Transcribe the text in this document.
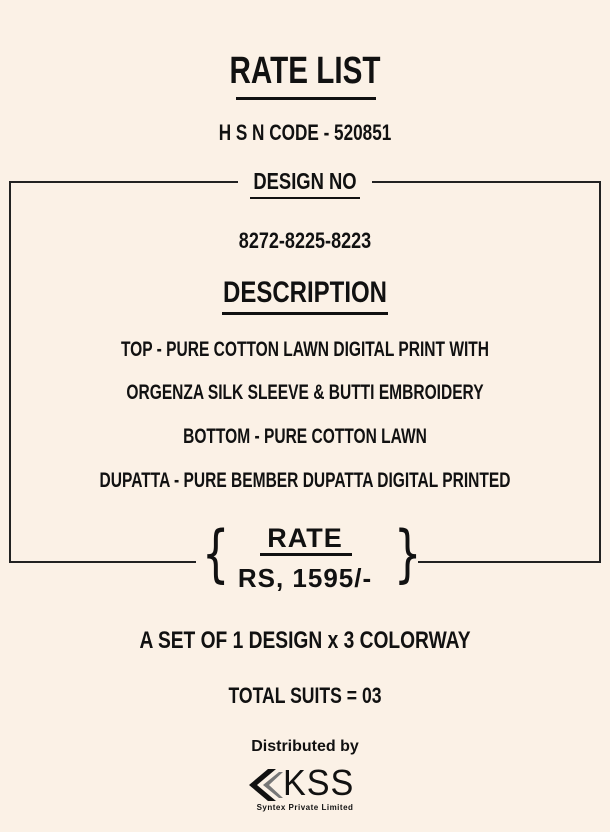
RATE LIST
H S N CODE - 520851
DESIGN NO
8272-8225-8223
DESCRIPTION
TOP - PURE COTTON LAWN DIGITAL PRINT WITH
ORGENZA SILK SLEEVE & BUTTI EMBROIDERY
BOTTOM - PURE COTTON LAWN
DUPATTA - PURE BEMBER DUPATTA DIGITAL PRINTED
{	}
RATE
RS, 1595/-
A SET OF 1 DESIGN x 3 COLORWAY
TOTAL SUITS = 03
Distributed by
KSS
Syntex Private Limited
